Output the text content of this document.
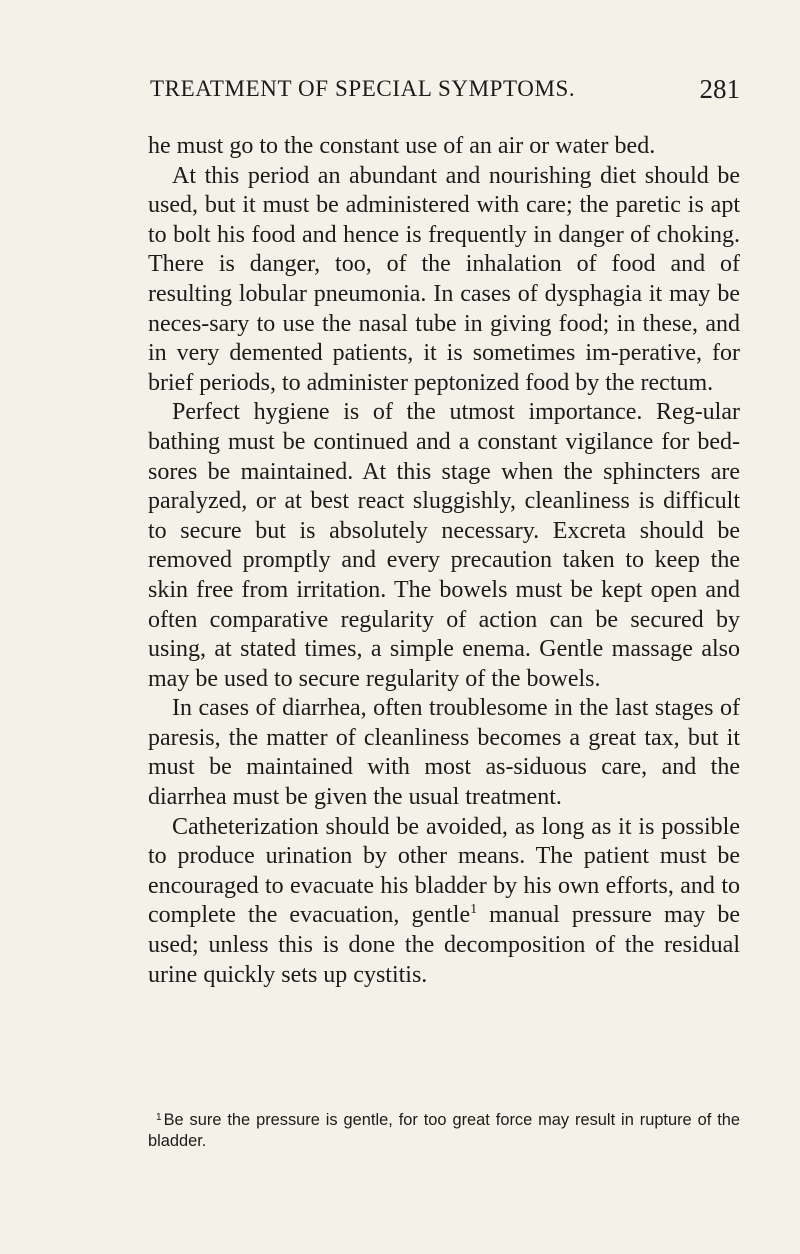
TREATMENT OF SPECIAL SYMPTOMS.	281

he must go to the constant use of an air or water bed.

At this period an abundant and nourishing diet should be used, but it must be administered with care; the paretic is apt to bolt his food and hence is frequently in danger of choking. There is danger, too, of the inhalation of food and of resulting lobular pneumonia. In cases of dysphagia it may be neces-sary to use the nasal tube in giving food; in these, and in very demented patients, it is sometimes im-perative, for brief periods, to administer peptonized food by the rectum.

Perfect hygiene is of the utmost importance. Reg-ular bathing must be continued and a constant vigilance for bed-sores be maintained. At this stage when the sphincters are paralyzed, or at best react sluggishly, cleanliness is difficult to secure but is absolutely necessary. Excreta should be removed promptly and every precaution taken to keep the skin free from irritation. The bowels must be kept open and often comparative regularity of action can be secured by using, at stated times, a simple enema. Gentle massage also may be used to secure regularity of the bowels.

In cases of diarrhea, often troublesome in the last stages of paresis, the matter of cleanliness becomes a great tax, but it must be maintained with most as-siduous care, and the diarrhea must be given the usual treatment.

Catheterization should be avoided, as long as it is possible to produce urination by other means. The patient must be encouraged to evacuate his bladder by his own efforts, and to complete the evacuation, gentle$^1$ manual pressure may be used; unless this is done the decomposition of the residual urine quickly sets up cystitis.

$^1$ Be sure the pressure is gentle, for too great force may result in rupture of the bladder.
